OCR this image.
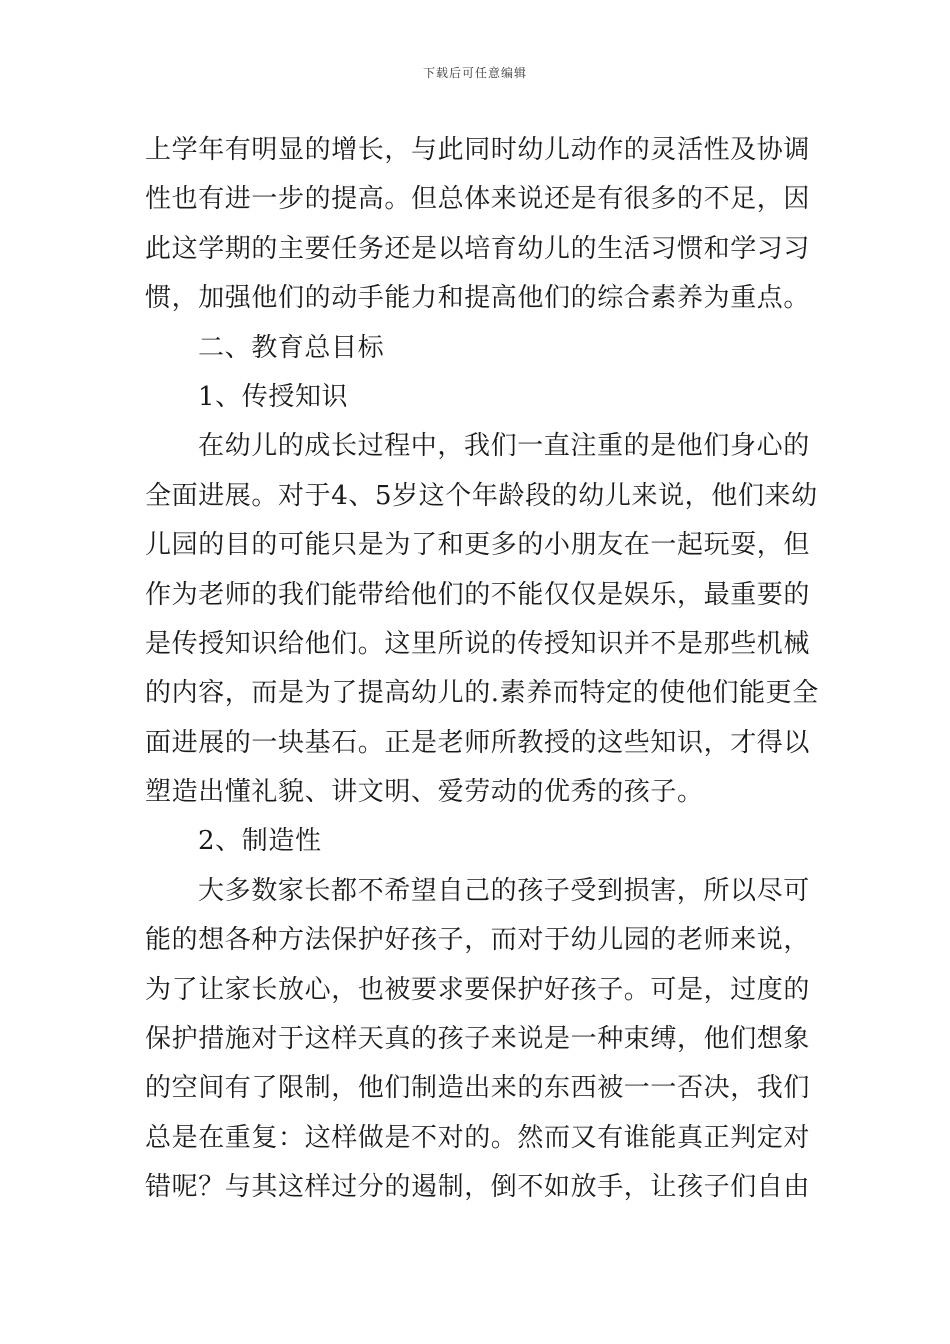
下载后可任意编辑
上学年有明显的增长，与此同时幼儿动作的灵活性及协调
性也有进一步的提高。但总体来说还是有很多的不足，因
此这学期的主要任务还是以培育幼儿的生活习惯和学习习
惯，加强他们的动手能力和提高他们的综合素养为重点。
二、教育总目标
1、传授知识
在幼儿的成长过程中，我们一直注重的是他们身心的
全面进展。对于4、5岁这个年龄段的幼儿来说，他们来幼
儿园的目的可能只是为了和更多的小朋友在一起玩耍，但
作为老师的我们能带给他们的不能仅仅是娱乐，最重要的
是传授知识给他们。这里所说的传授知识并不是那些机械
的内容，而是为了提高幼儿的.素养而特定的使他们能更全
面进展的一块基石。正是老师所教授的这些知识，才得以
塑造出懂礼貌、讲文明、爱劳动的优秀的孩子。
2、制造性
大多数家长都不希望自己的孩子受到损害，所以尽可
能的想各种方法保护好孩子，而对于幼儿园的老师来说，
为了让家长放心，也被要求要保护好孩子。可是，过度的
保护措施对于这样天真的孩子来说是一种束缚，他们想象
的空间有了限制，他们制造出来的东西被一一否决，我们
总是在重复：这样做是不对的。然而又有谁能真正判定对
错呢？与其这样过分的遏制，倒不如放手，让孩子们自由
